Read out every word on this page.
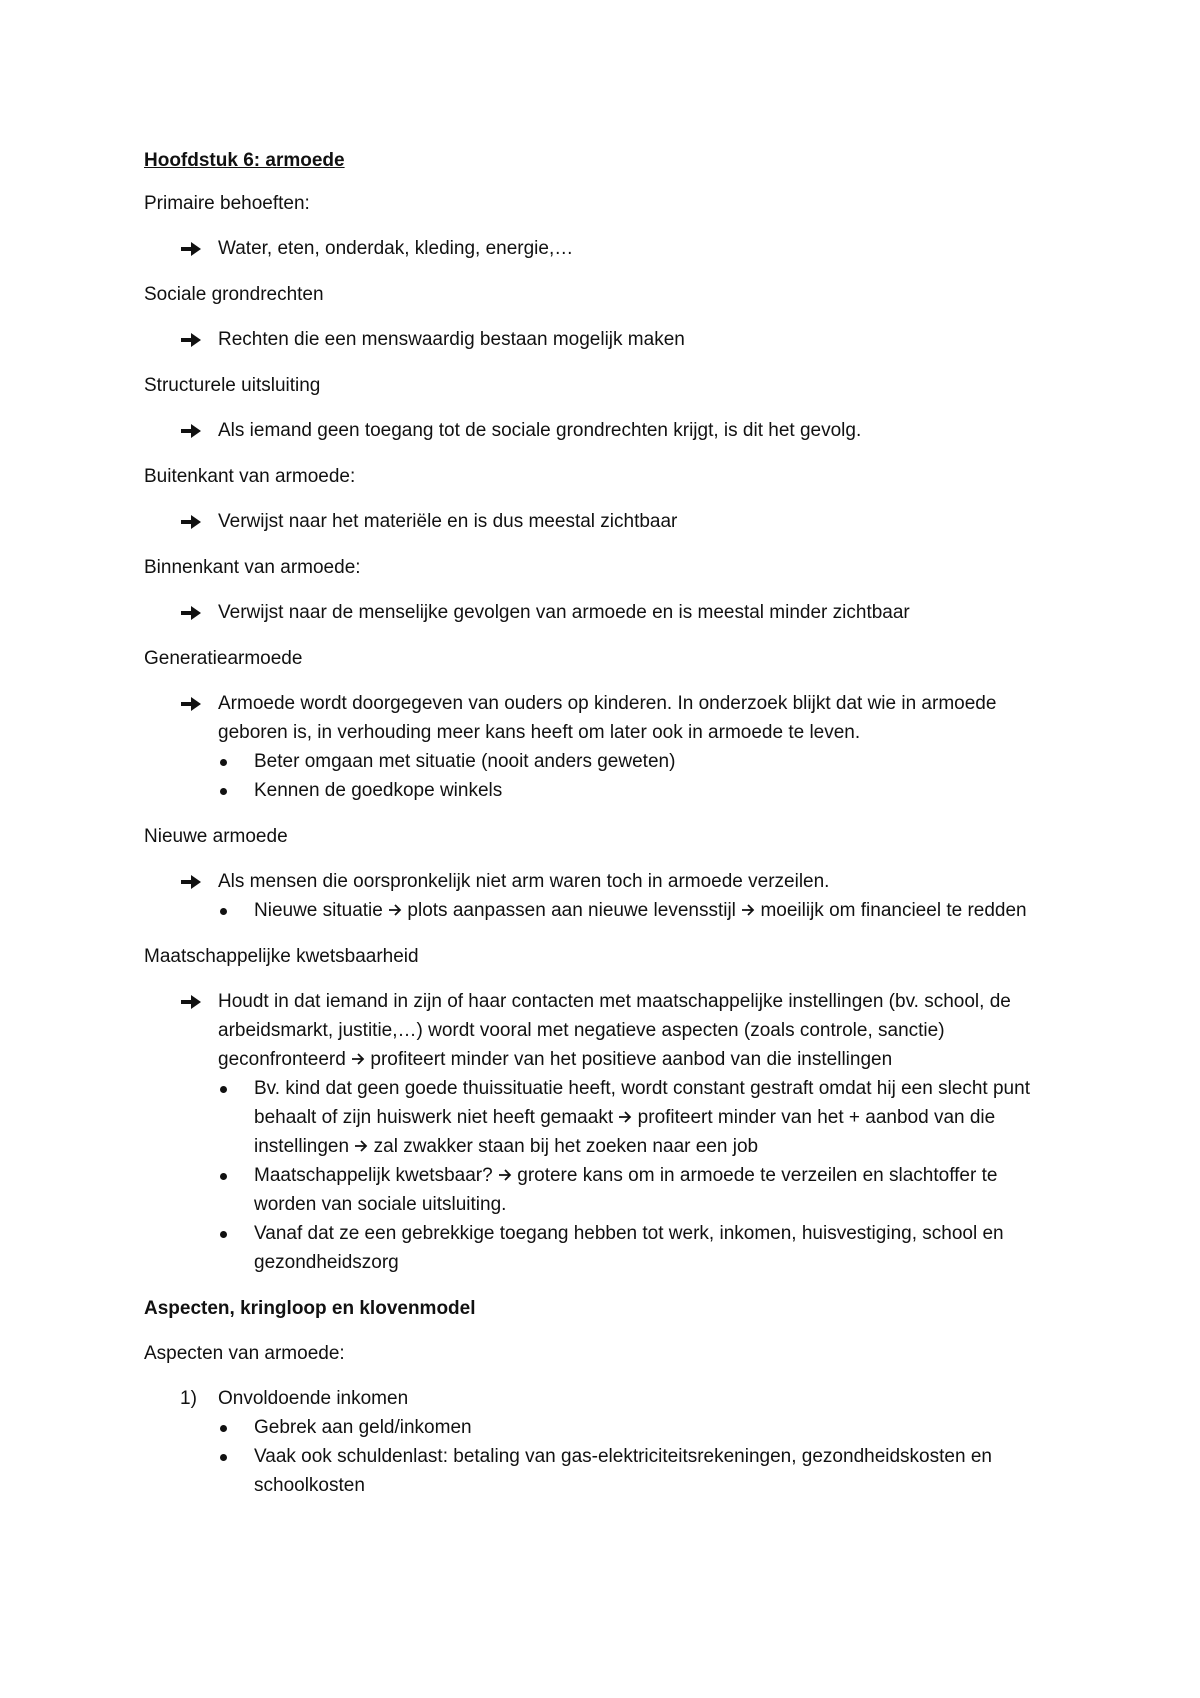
Hoofdstuk 6: armoede
Primaire behoeften:
Water, eten, onderdak, kleding, energie,…
Sociale grondrechten
Rechten die een menswaardig bestaan mogelijk maken
Structurele uitsluiting
Als iemand geen toegang tot de sociale grondrechten krijgt, is dit het gevolg.
Buitenkant van armoede:
Verwijst naar het materiële en is dus meestal zichtbaar
Binnenkant van armoede:
Verwijst naar de menselijke gevolgen van armoede en is meestal minder zichtbaar
Generatiearmoede
Armoede wordt doorgegeven van ouders op kinderen. In onderzoek blijkt dat wie in armoede geboren is, in verhouding meer kans heeft om later ook in armoede te leven.
Beter omgaan met situatie (nooit anders geweten)
Kennen de goedkope winkels
Nieuwe armoede
Als mensen die oorspronkelijk niet arm waren toch in armoede verzeilen.
Nieuwe situatie  plots aanpassen aan nieuwe levensstijl  moeilijk om financieel te redden
Maatschappelijke kwetsbaarheid
Houdt in dat iemand in zijn of haar contacten met maatschappelijke instellingen (bv. school, de arbeidsmarkt, justitie,…) wordt vooral met negatieve aspecten (zoals controle, sanctie) geconfronteerd  profiteert minder van het positieve aanbod van die instellingen
Bv. kind dat geen goede thuissituatie heeft, wordt constant gestraft omdat hij een slecht punt behaalt of zijn huiswerk niet heeft gemaakt  profiteert minder van het + aanbod van die instellingen  zal zwakker staan bij het zoeken naar een job
Maatschappelijk kwetsbaar?  grotere kans om in armoede te verzeilen en slachtoffer te worden van sociale uitsluiting.
Vanaf dat ze een gebrekkige toegang hebben tot werk, inkomen, huisvestiging, school en gezondheidszorg
Aspecten, kringloop en klovenmodel
Aspecten van armoede:
1) Onvoldoende inkomen
Gebrek aan geld/inkomen
Vaak ook schuldenlast: betaling van gas-elektriciteitsrekeningen, gezondheidskosten en schoolkosten
